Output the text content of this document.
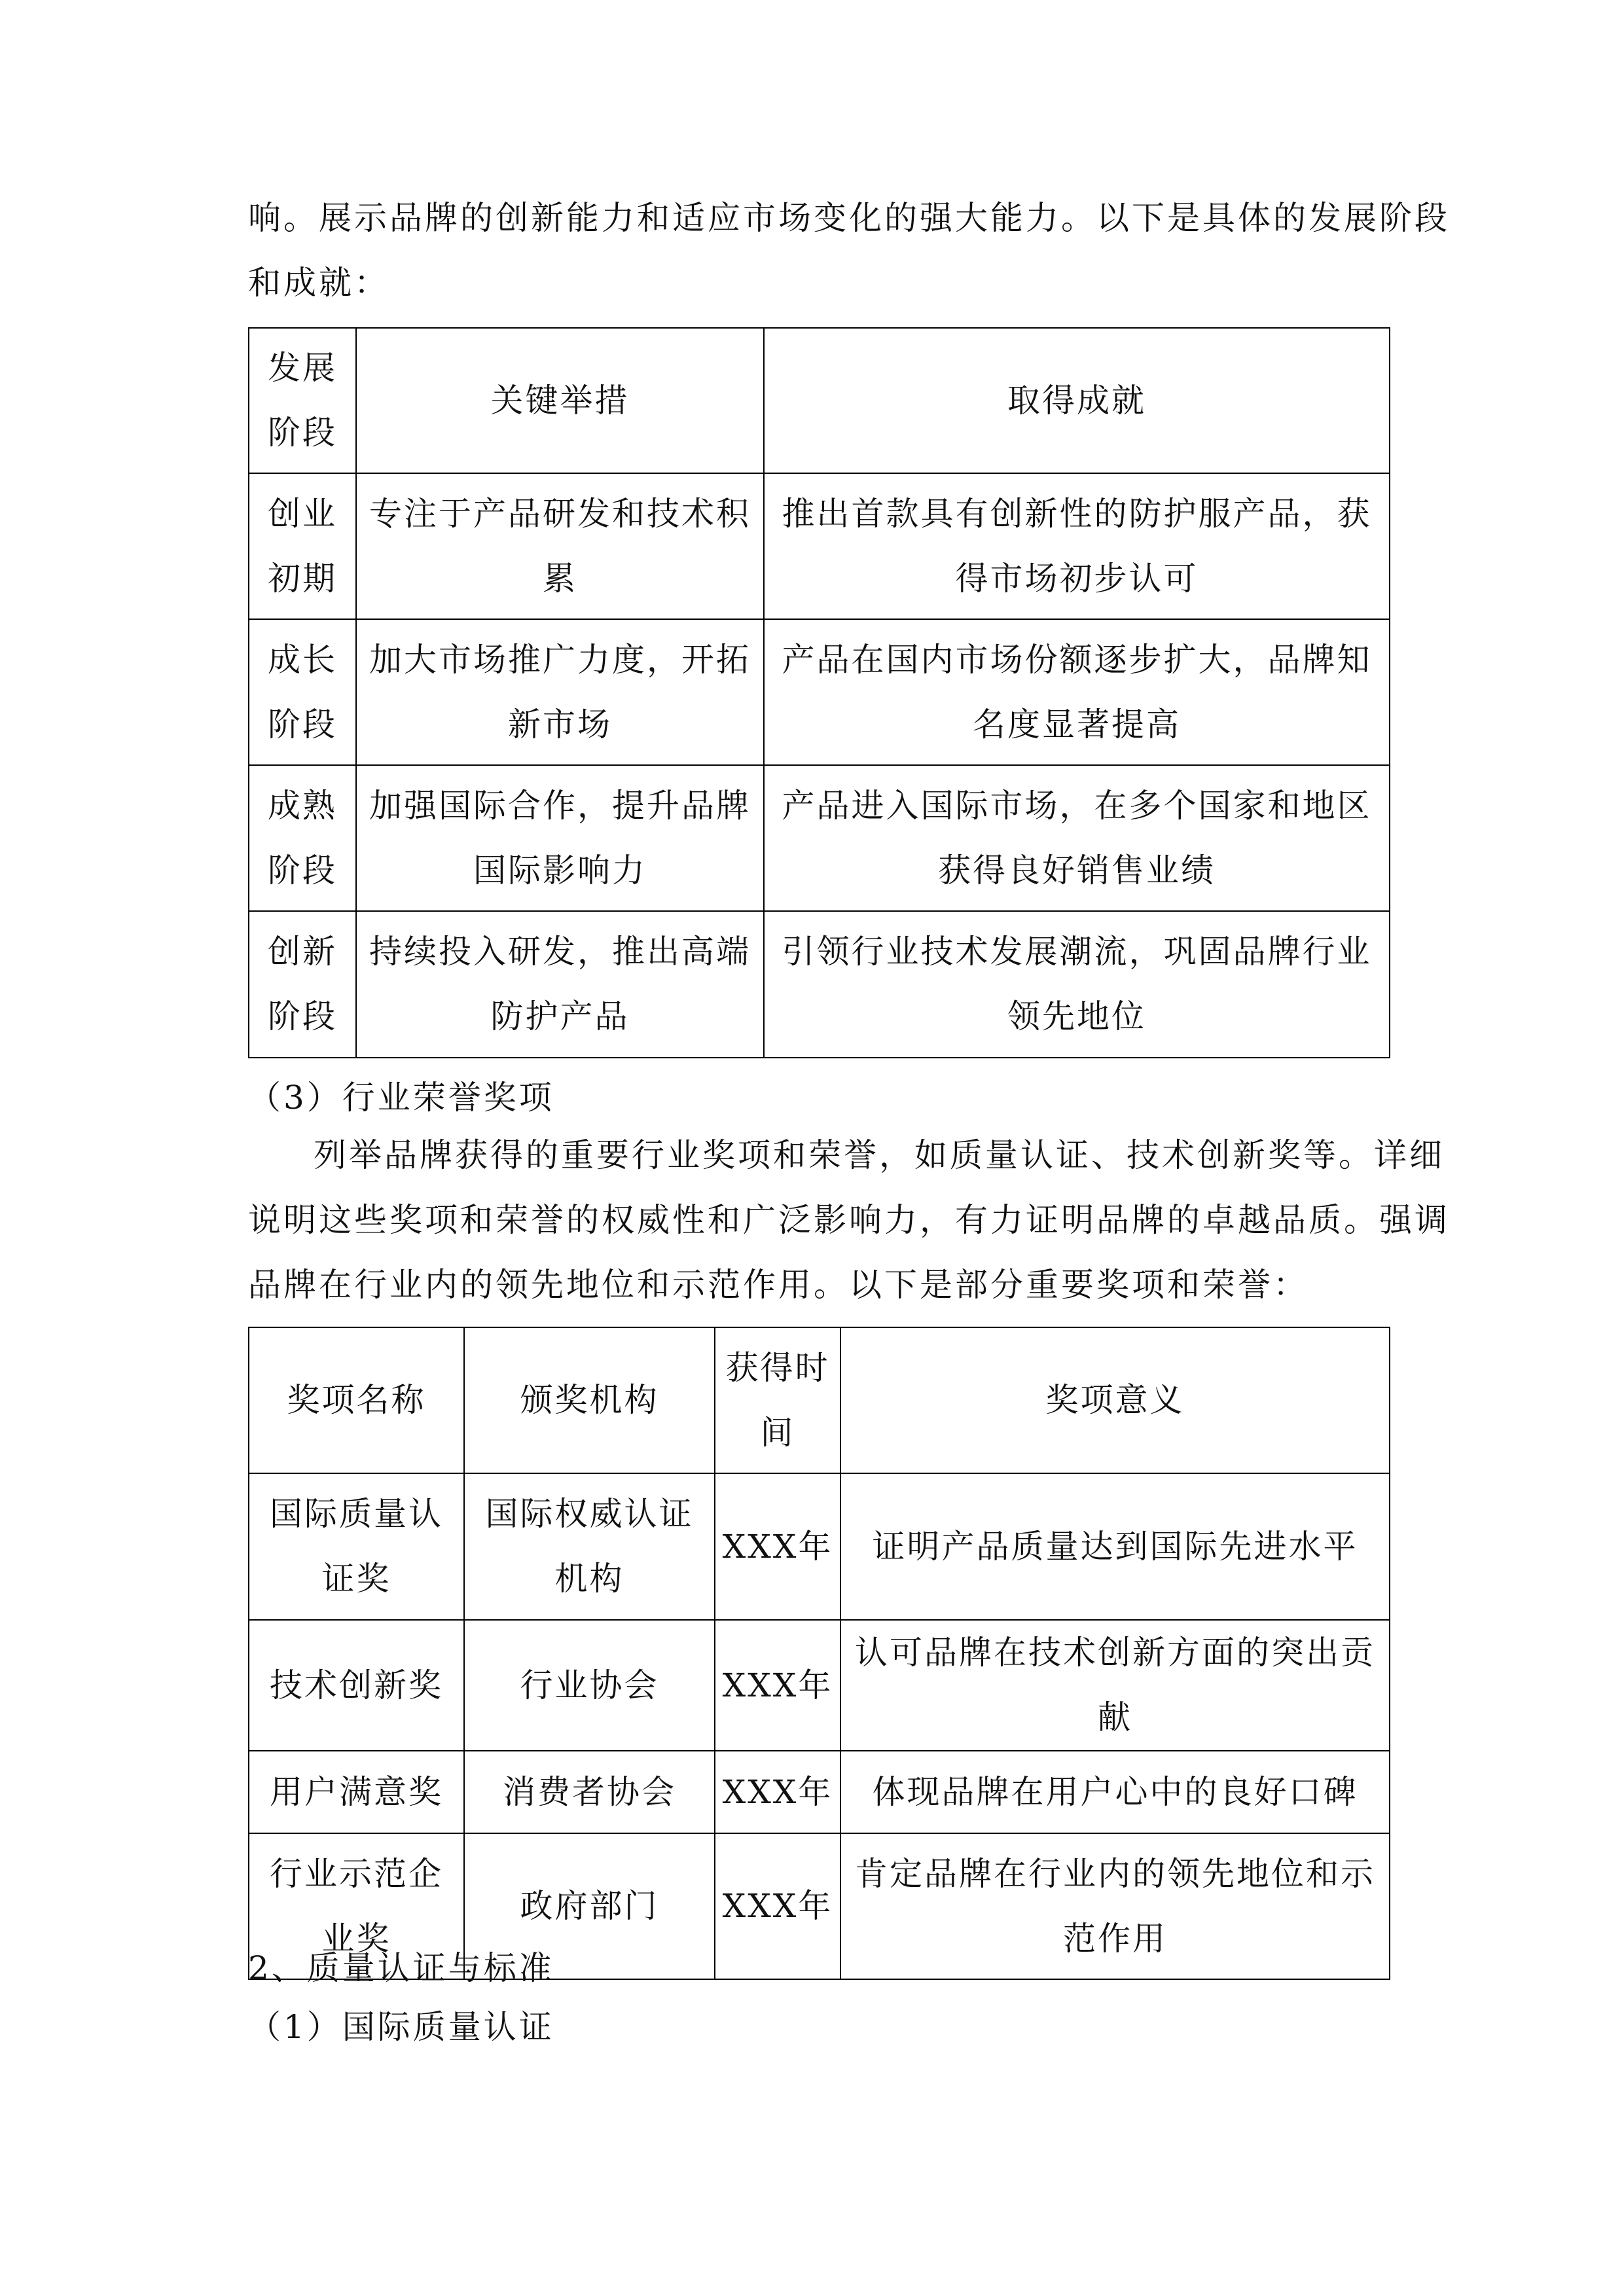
响。展示品牌的创新能力和适应市场变化的强大能力。以下是具体的发展阶段
和成就：
发展阶段	关键举措	取得成就
创业初期	专注于产品研发和技术积累	推出首款具有创新性的防护服产品，获得市场初步认可
成长阶段	加大市场推广力度，开拓新市场	产品在国内市场份额逐步扩大，品牌知名度显著提高
成熟阶段	加强国际合作，提升品牌国际影响力	产品进入国际市场，在多个国家和地区获得良好销售业绩
创新阶段	持续投入研发，推出高端防护产品	引领行业技术发展潮流，巩固品牌行业领先地位
（3）行业荣誉奖项
列举品牌获得的重要行业奖项和荣誉，如质量认证、技术创新奖等。详细
说明这些奖项和荣誉的权威性和广泛影响力，有力证明品牌的卓越品质。强调
品牌在行业内的领先地位和示范作用。以下是部分重要奖项和荣誉：
奖项名称	颁奖机构	获得时间	奖项意义
国际质量认证奖	国际权威认证机构	XXX年	证明产品质量达到国际先进水平
技术创新奖	行业协会	XXX年	认可品牌在技术创新方面的突出贡献
用户满意奖	消费者协会	XXX年	体现品牌在用户心中的良好口碑
行业示范企业奖	政府部门	XXX年	肯定品牌在行业内的领先地位和示范作用
2、质量认证与标准
（1）国际质量认证
